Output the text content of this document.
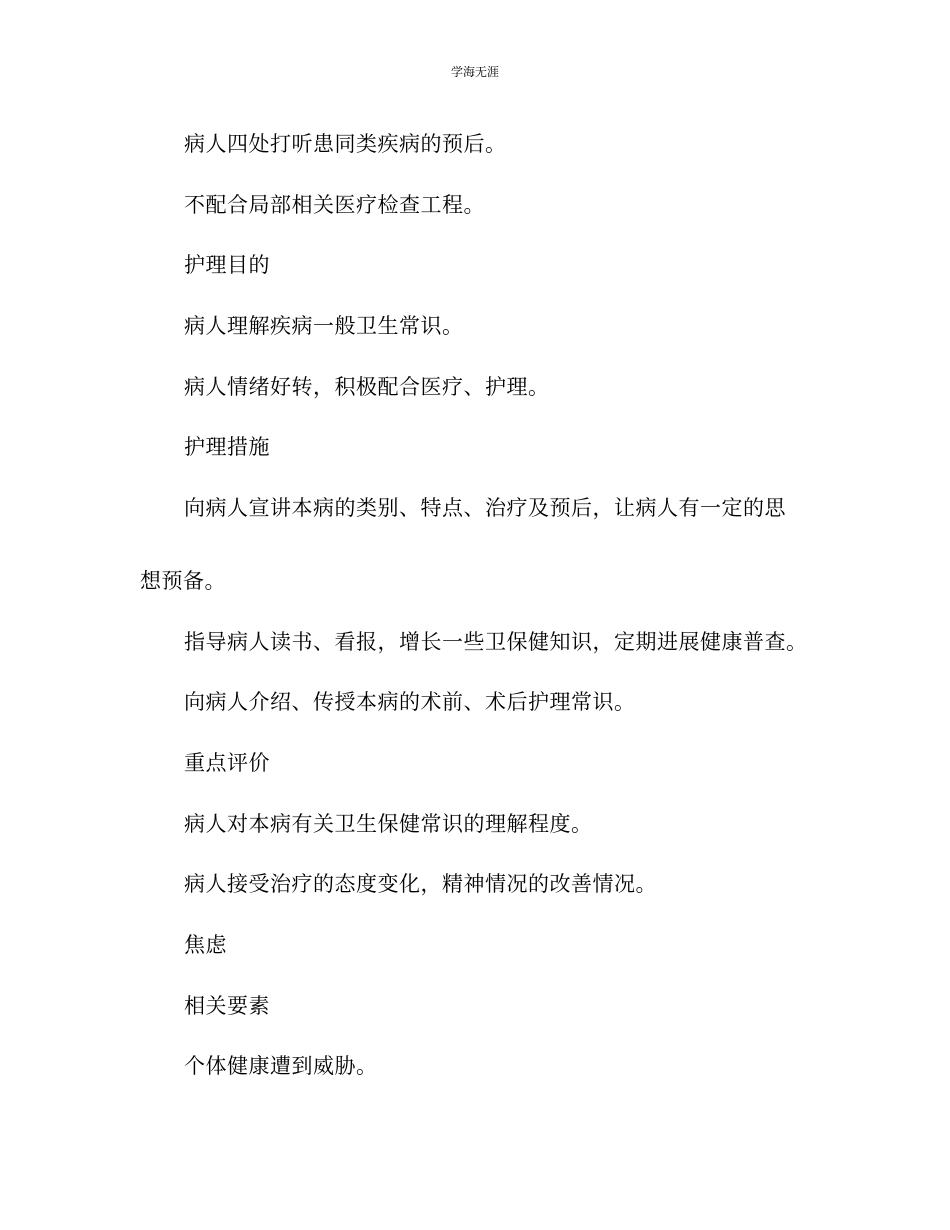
学海无涯
病人四处打听患同类疾病的预后。
不配合局部相关医疗检查工程。
护理目的
病人理解疾病一般卫生常识。
病人情绪好转，积极配合医疗、护理。
护理措施
向病人宣讲本病的类别、特点、治疗及预后，让病人有一定的思
想预备。
指导病人读书、看报，增长一些卫保健知识，定期进展健康普查。
向病人介绍、传授本病的术前、术后护理常识。
重点评价
病人对本病有关卫生保健常识的理解程度。
病人接受治疗的态度变化，精神情况的改善情况。
焦虑
相关要素
个体健康遭到威胁。
